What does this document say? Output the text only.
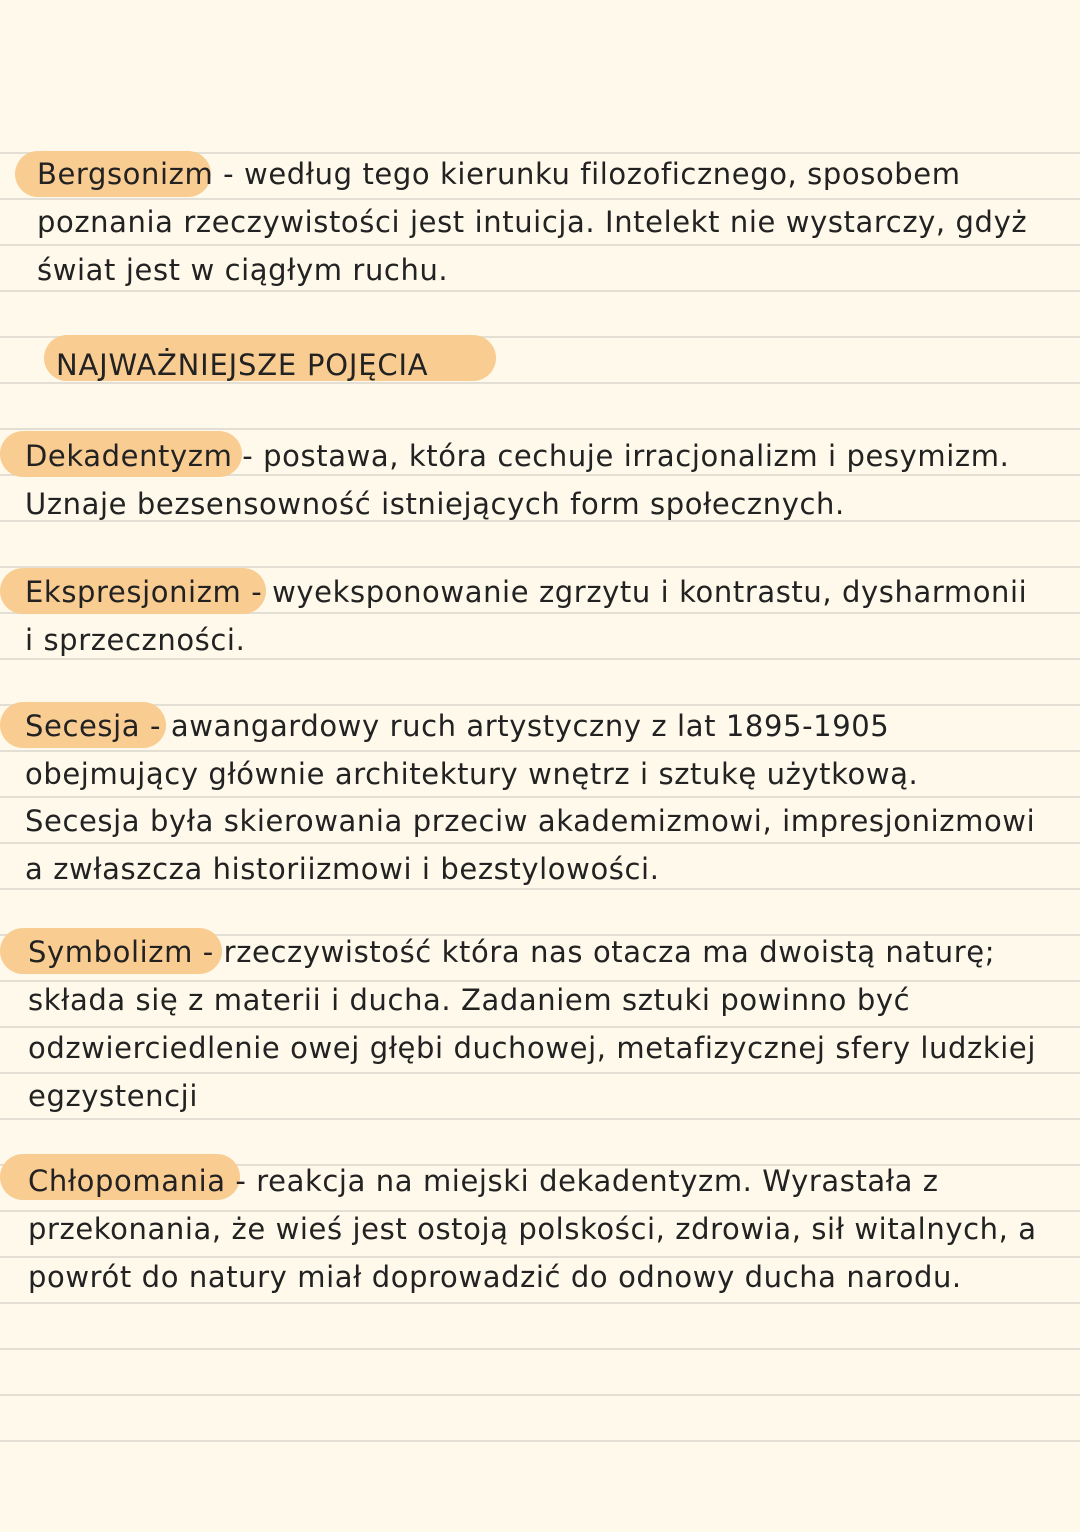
Bergsonizm - według tego kierunku filozoficznego, sposobem
poznania rzeczywistości jest intuicja. Intelekt nie wystarczy, gdyż
świat jest w ciągłym ruchu.
NAJWAŻNIEJSZE POJĘCIA
Dekadentyzm - postawa, która cechuje irracjonalizm i pesymizm.
Uznaje bezsensowność istniejących form społecznych.
Ekspresjonizm - wyeksponowanie zgrzytu i kontrastu, dysharmonii
i sprzeczności.
Secesja - awangardowy ruch artystyczny z lat 1895-1905
obejmujący głównie architektury wnętrz i sztukę użytkową.
Secesja była skierowania przeciw akademizmowi, impresjonizmowi
a zwłaszcza historiizmowi i bezstylowości.
Symbolizm - rzeczywistość która nas otacza ma dwoistą naturę;
składa się z materii i ducha. Zadaniem sztuki powinno być
odzwierciedlenie owej głębi duchowej, metafizycznej sfery ludzkiej
egzystencji
Chłopomania - reakcja na miejski dekadentyzm. Wyrastała z
przekonania, że wieś jest ostoją polskości, zdrowia, sił witalnych, a
powrót do natury miał doprowadzić do odnowy ducha narodu.
